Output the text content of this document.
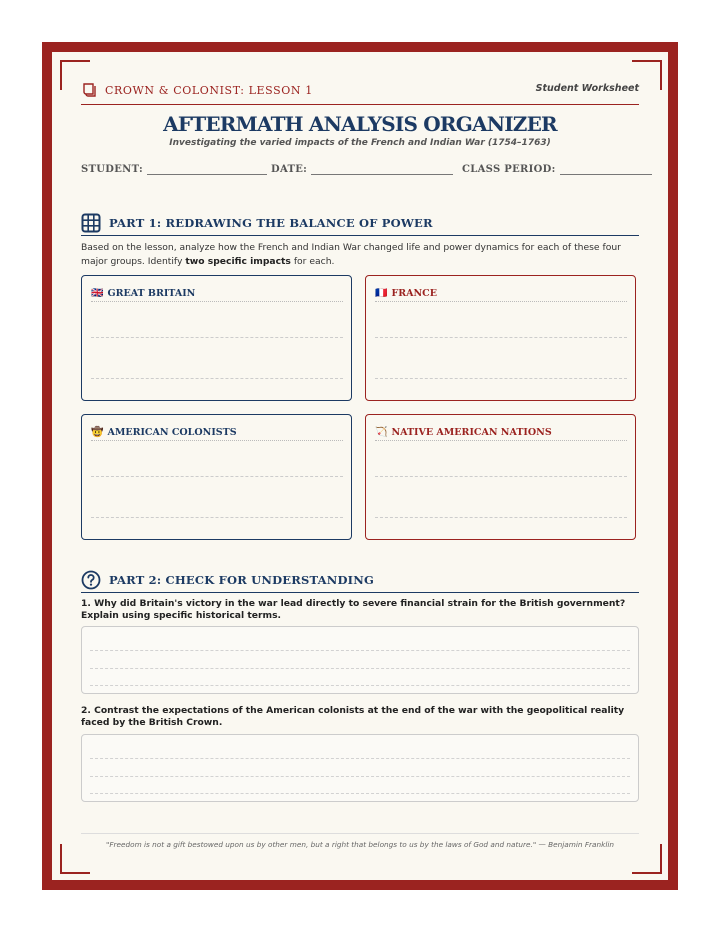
CROWN & COLONIST: LESSON 1	Student Worksheet
AFTERMATH ANALYSIS ORGANIZER
Investigating the varied impacts of the French and Indian War (1754–1763)
STUDENT:	DATE:	CLASS PERIOD:
PART 1: REDRAWING THE BALANCE OF POWER
Based on the lesson, analyze how the French and Indian War changed life and power dynamics for each of these four major groups. Identify two specific impacts for each.
🇬🇧 GREAT BRITAIN	🇫🇷 FRANCE
🤠 AMERICAN COLONISTS	🏹 NATIVE AMERICAN NATIONS
PART 2: CHECK FOR UNDERSTANDING
1. Why did Britain's victory in the war lead directly to severe financial strain for the British government? Explain using specific historical terms.
2. Contrast the expectations of the American colonists at the end of the war with the geopolitical reality faced by the British Crown.
"Freedom is not a gift bestowed upon us by other men, but a right that belongs to us by the laws of God and nature." — Benjamin Franklin
